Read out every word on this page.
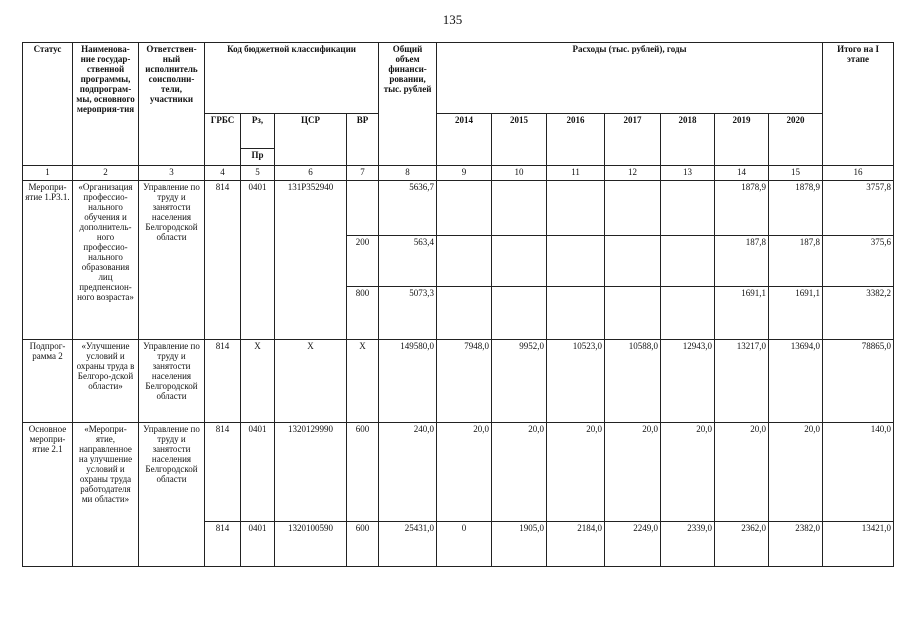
135
Статус	Наименова-ние государ-ственной программы, подпрограм-мы, основного мероприя-тия	Ответствен-ный исполнитель соисполни-тели, участники	Код бюджетной классификации				Общий объем финанси-ровании, тыс. рублей	Расходы (тыс. рублей), годы							Итого на I этапе
			ГРБС	Рз,	ЦСР	ВР		2014	2015	2016	2017	2018	2019	2020	
				Пр											
1	2	3	4	5	6	7	8	9	10	11	12	13	14	15	16
Меропри-ятие 1.Р3.1.	«Организация профессио-нального обучения и дополнитель-ного профессио-нального образования лиц предпенсион-ного возраста»	Управление по труду и занятости населения Белгородской области	814	0401	131Р352940		5636,7						1878,9	1878,9	3757,8
						200	563,4						187,8	187,8	375,6
						800	5073,3						1691,1	1691,1	3382,2
Подпрог-рамма 2	«Улучшение условий и охраны труда в Белгоро-дской области»	Управление по труду и занятости населения Белгородской области	814	Х	Х	Х	149580,0	7948,0	9952,0	10523,0	10588,0	12943,0	13217,0	13694,0	78865,0
Основное меропри-ятие 2.1	«Меропри-ятие, направленное на улучшение условий и охраны труда работодателя ми области»	Управление по труду и занятости населения Белгородской области	814	0401	1320129990	600	240,0	20,0	20,0	20,0	20,0	20,0	20,0	20,0	140,0
			814	0401	1320100590	600	25431,0	0	1905,0	2184,0	2249,0	2339,0	2362,0	2382,0	13421,0
